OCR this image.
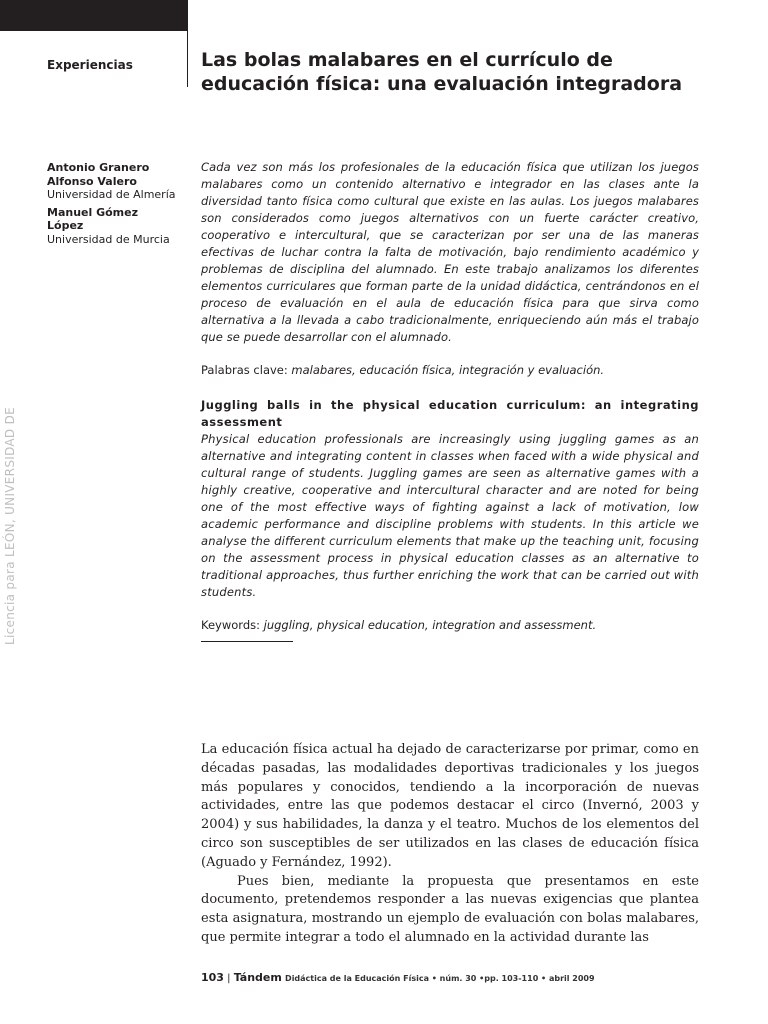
Experiencias	Las bolas malabares en el currículo de educación física: una evaluación integradora
Antonio Granero
Alfonso Valero
Universidad de Almería
Manuel Gómez
López
Universidad de Murcia

Cada vez son más los profesionales de la educación física que utilizan los juegos malabares como un contenido alternativo e integrador en las clases ante la diversidad tanto física como cultural que existe en las aulas. Los juegos malabares son considerados como juegos alternativos con un fuerte carácter creativo, cooperativo e intercultural, que se caracterizan por ser una de las maneras efectivas de luchar contra la falta de motivación, bajo rendimiento académico y problemas de disciplina del alumnado. En este trabajo analizamos los diferentes elementos curriculares que forman parte de la unidad didáctica, centrándonos en el proceso de evaluación en el aula de educación física para que sirva como alternativa a la llevada a cabo tradicionalmente, enriqueciendo aún más el trabajo que se puede desarrollar con el alumnado.

Palabras clave: malabares, educación física, integración y evaluación.
Juggling balls in the physical education curriculum: an integrating assessment

Physical education professionals are increasingly using juggling games as an alternative and integrating content in classes when faced with a wide physical and cultural range of students. Juggling games are seen as alternative games with a highly creative, cooperative and intercultural character and are noted for being one of the most effective ways of fighting against a lack of motivation, low academic performance and discipline problems with students. In this article we analyse the different curriculum elements that make up the teaching unit, focusing on the assessment process in physical education classes as an alternative to traditional approaches, thus further enriching the work that can be carried out with students.

Keywords: juggling, physical education, integration and assessment.

La educación física actual ha dejado de caracterizarse por primar, como en décadas pasadas, las modalidades deportivas tradicionales y los juegos más populares y conocidos, tendiendo a la incorporación de nuevas actividades, entre las que podemos destacar el circo (Invernó, 2003 y 2004) y sus habilidades, la danza y el teatro. Muchos de los elementos del circo son susceptibles de ser utilizados en las clases de educación física (Aguado y Fernández, 1992).

Pues bien, mediante la propuesta que presentamos en este documento, pretendemos responder a las nuevas exigencias que plantea esta asignatura, mostrando un ejemplo de evaluación con bolas malabares, que permite integrar a todo el alumnado en la actividad durante las

103 | Tándem Didáctica de la Educación Física • núm. 30 •pp. 103-110 • abril 2009
Licencia para LEÓN, UNIVERSIDAD DE
